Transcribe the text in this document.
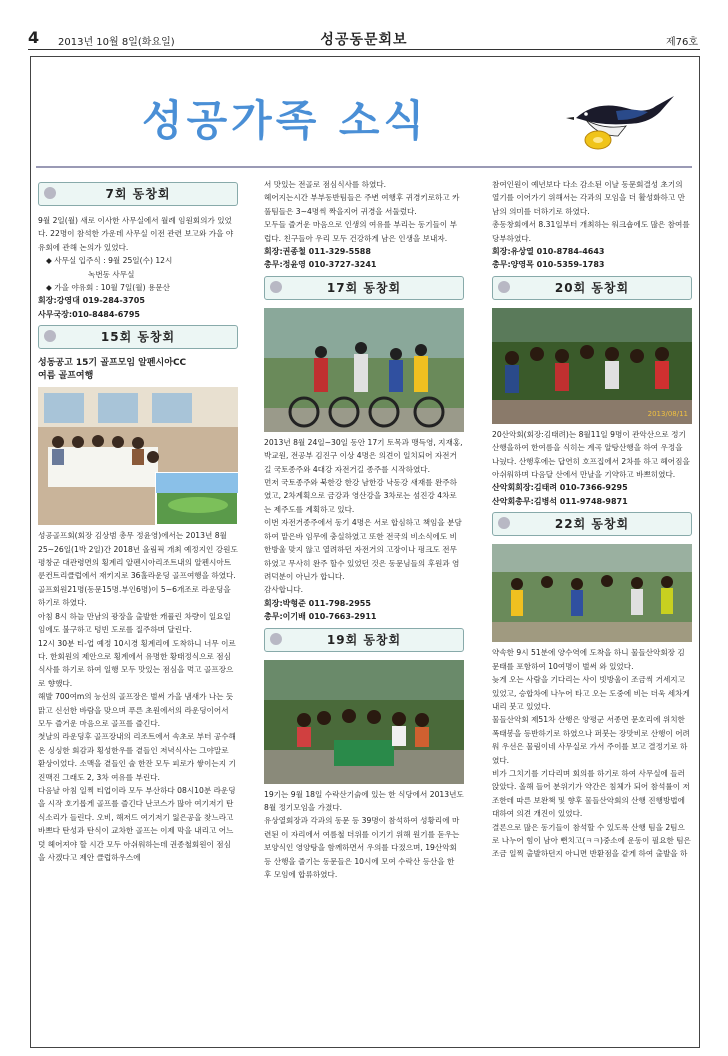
4 2013년 10월 8일(화요일)	성공동문회보	제76호
성공가족 소식
7회 동창회

9월 2일(월) 새로 이사한 사무실에서 월례 임원회의가 있었다. 22명이 참석한 가운데 사무실 이전 관련 보고와 가을 야유회에 관해 논의가 있었다.

◆ 사무실 입주식 : 9월 25일(수) 12시

녹번동 사무실

◆ 가을 야유회 : 10월 7일(월) 용문산

회장:강영대 019-284-3705

사무국장:010-8484-6795

15회 동창회

성동공고 15기 골프모임 알펜시아CC

여름 골프여행

성공골프회(회장 김상범 총무 정윤영)에서는 2013년 8월25~26일(1박 2일)간 2018년 올림픽 개최 예정지인 강원도 평창군 대관령면의 횡계리 알펜시아리조트내의 알펜시아트룬컨트리클럽에서 재키지로 36홀라운딩 골프여행을 하였다.

골프회원21명(동문15명.부인6명)이 5~6개조로 라운딩을 하기로 하였다.

아침 8시 하늘 만남의 광장을 출발한 캐퓰린 차량이 일요일임에도 불구하고 텅빈 도로를 질주하며 달린다.

12시 30분 티-업 예정 10시경 횡계리에 도착하니 너무 이르다. 한회원의 제안으로 횡계에서 유명한 황태정식으로 점심식사를 하기로 하여 일행 모두 맛있는 점심을 먹고 골프장으로 향했다.

해발 700여m의 능선의 골프장은 벌써 가을 냄새가 나는 듯 맑고 신선한 바람을 맞으며 푸른 초원에서의 라운딩이어서 모두 즐거운 마음으로 골프를 즐긴다.

첫날의 라운딩후 골프장내의 리조트에서 속초로 부터 공수해온 싱싱한 회감과 횡성한우를 곁들인 저녁식사는 그야말로 환상이었다. 소맥을 곁들인 술 한잔 모두 피로가 쌓이는지 기진맥진 그래도 2, 3차 여유를 부린다.

다음날 아침 일찍 티업이라 모두 부산하다 08시10분 라운딩을 시작 호기롭게 골프를 즐긴다 난코스가 많아 여기저기 탄식소리가 들린다. 오비, 해저드 여기저기 잃은공을 찾느라고 바쁘다 탄성과 탄식이 교차한 골프는 이제 막을 내리고 어느덧 헤어져야 할 시간 모두 아쉬워하는데 권종철회원이 점심을 사겠다고 제안 클럽하우스에

서 맛있는 전골로 점심식사를 하였다.

헤어지는시간 부부동반팀들은 주변 여행후 귀경키로하고 카풀팀들은 3~4명씩 짝을지어 귀경을 서둘렀다.

모두들 즐거운 마음으로 인생의 여유를 부리는 동기들이 부럽다. 친구들아 우리 모두 건강하게 남은 인생을 보내자.

회장:권종철 011-329-5588

총무:정윤영 010-3727-3241

17회 동창회

2013년 8월 24일~30일 동안 17기 토목과 맹득영, 지재홍, 박교원, 전공부 김진구 이상 4명은 의견이 일치되어 자전거길 국토종주와 4대강 자전거길 종주를 시작하였다.

먼저 국토종주와 북한강 한강 남한강 낙동강 새재를 완주하였고, 2차계획으로 금강과 영산강을 3차로는 섬진강 4차로는 제주도를 계획하고 있다.

이번 자전거종주에서 동기 4명은 서로 합심하고 책임을 분담하여 맡은바 임무에 충실하였고 또한 전국의 비소식에도 비 한방울 맞지 않고 열려하던 자전거의 고장이나 펑크도 전무하였고 무사히 완주 할수 있었던 것은 동문님들의 후원과 염려덕분이 아닌가 합니다.

감사합니다.

회장:박형준 011-798-2955

총무:이기배 010-7663-2911

19회 동창회

19기는 9월 18일 수락산기슭에 있는 한 식당에서 2013년도 8월 정기모임을 가졌다.

유상열회장과 각과의 동문 등 39명이 참석하여 성황리에 마련된 이 자리에서 여름철 더위를 이기기 위해 원기를 돋우는 보양식인 영양탕을 함께하면서 우의를 다졌으며, 19산악회 등 산행을 즐기는 동문들은 10시에 모여 수락산 등산을 한 후 모임에 합류하였다.

참여인원이 예년보다 다소 감소된 이날 동문회결성 초기의 열기를 이어가기 위해서는 각과의 모임을 더 활성화하고 만남의 의미를 더하기로 하였다.

총동창회에서 8.31일부터 개최하는 워크숍에도 많은 참여를 당부하였다.

회장:유상열 010-8784-4643

총무:양영목 010-5359-1783

20회 동창회
2013/08/11

20산악회(회장:김태려)는 8월11일 9명이 관악산으로 정기산행을하여 한여름을 식히는 계곡 알탕산행을 하여 우정을 나눴다. 산행후에는 답연히 호프집에서 2차를 하고 헤어짐을 아쉬워하며 다음달 산에서 만날을 기약하고 바쁘히였다.

산악회회장:김태려 010-7366-9295

산악회총무:김병석 011-9748-9871

22회 동창회

약속한 9시 51분에 양수역에 도착을 하니 물들산악회장 김문태를 포함하여 10여명이 벌써 와 있었다.

늦게 오는 사람을 기다리는 사이 빗방울이 조금씩 거세지고 있었고, 승합차에 나누어 타고 오는 도중에 비는 더욱 세차게 내리 붓고 있었다.

물들산악회 제51차 산행은 양평군 서종면 문호리에 위치한 폭태봉을 등반하기로 하였으나 퍼붓는 장맛비로 산행이 어려워 우선은 물림이네 사무실로 가서 주이를 보고 결정기로 하였다.

비가 그치기를 기다리며 회의를 하기로 하여 사무실에 들러 앉았다. 올해 들어 분위기가 약간은 침체가 되어 참석률이 저조한데 따른 보완책 및 향후 물들산악회의 산행 진행방법에 대하여 의견 개진이 있었다.

결론으로 많은 동기들이 참석할 수 있도록 산행 팀을 2팀으로 나누어 힘이 남아 뻔치고(ㅋㅋ)중소에 운동이 필요한 팀은 조금 일찍 출발하던지 아니면 반환점을 같게 하여 출발을 하
